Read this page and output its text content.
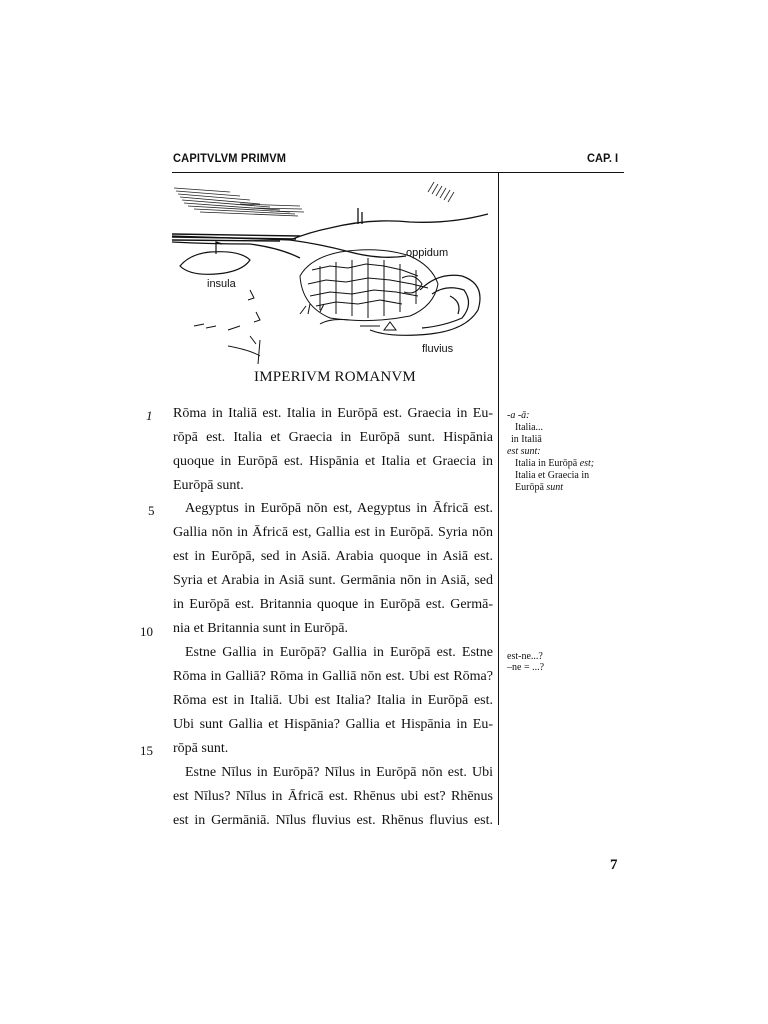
CAPITVLVM PRIMVM	CAP. I
oppidum
insula
fluvius
IMPERIVM ROMANVM
1
5
10
15
Rōma in Italiā est. Italia in Eurōpā est. Graecia in Eu-
rōpā est. Italia et Graecia in Eurōpā sunt. Hispānia
quoque in Eurōpā est. Hispānia et Italia et Graecia in
Eurōpā sunt.
Aegyptus in Eurōpā nōn est, Aegyptus in Āfricā est.
Gallia nōn in Āfricā est, Gallia est in Eurōpā. Syria nōn
est in Eurōpā, sed in Asiā. Arabia quoque in Asiā est.
Syria et Arabia in Asiā sunt. Germānia nōn in Asiā, sed
in Eurōpā est. Britannia quoque in Eurōpā est. Germā-
nia et Britannia sunt in Eurōpā.
Estne Gallia in Eurōpā? Gallia in Eurōpā est. Estne
Rōma in Galliā? Rōma in Galliā nōn est. Ubi est Rōma?
Rōma est in Italiā. Ubi est Italia? Italia in Eurōpā est.
Ubi sunt Gallia et Hispānia? Gallia et Hispānia in Eu-
rōpā sunt.
Estne Nīlus in Eurōpā? Nīlus in Eurōpā nōn est. Ubi
est Nīlus? Nīlus in Āfricā est. Rhēnus ubi est? Rhēnus
est in Germāniā. Nīlus fluvius est. Rhēnus fluvius est.
-a -ā:
Italia...
in Italiā
est sunt:
Italia in Eurōpā est;
Italia et Graecia in
Eurōpā sunt
est-ne...?
–ne = ...?
7
